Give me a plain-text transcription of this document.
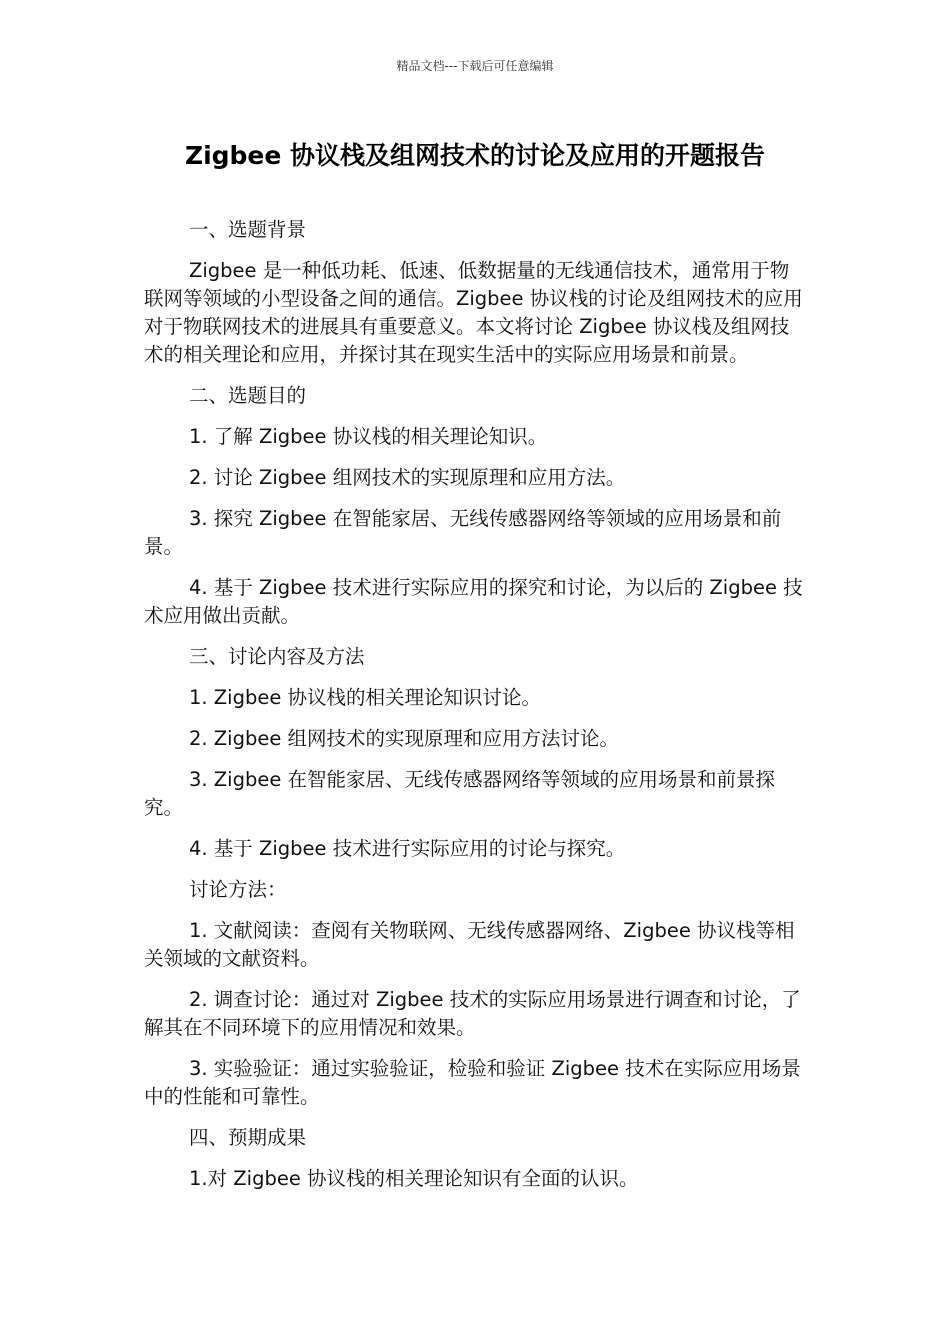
精品文档---下载后可任意编辑
Zigbee 协议栈及组网技术的讨论及应用的开题报告

一、选题背景

Zigbee 是一种低功耗、低速、低数据量的无线通信技术，通常用于物联网等领域的小型设备之间的通信。Zigbee 协议栈的讨论及组网技术的应用对于物联网技术的进展具有重要意义。本文将讨论 Zigbee 协议栈及组网技术的相关理论和应用，并探讨其在现实生活中的实际应用场景和前景。

二、选题目的

1. 了解 Zigbee 协议栈的相关理论知识。

2. 讨论 Zigbee 组网技术的实现原理和应用方法。

3. 探究 Zigbee 在智能家居、无线传感器网络等领域的应用场景和前景。

4. 基于 Zigbee 技术进行实际应用的探究和讨论，为以后的 Zigbee 技术应用做出贡献。

三、讨论内容及方法

1. Zigbee 协议栈的相关理论知识讨论。

2. Zigbee 组网技术的实现原理和应用方法讨论。

3. Zigbee 在智能家居、无线传感器网络等领域的应用场景和前景探究。

4. 基于 Zigbee 技术进行实际应用的讨论与探究。

讨论方法：

1. 文献阅读：查阅有关物联网、无线传感器网络、Zigbee 协议栈等相关领域的文献资料。

2. 调查讨论：通过对 Zigbee 技术的实际应用场景进行调查和讨论，了解其在不同环境下的应用情况和效果。

3. 实验验证：通过实验验证，检验和验证 Zigbee 技术在实际应用场景中的性能和可靠性。

四、预期成果

1.对 Zigbee 协议栈的相关理论知识有全面的认识。
